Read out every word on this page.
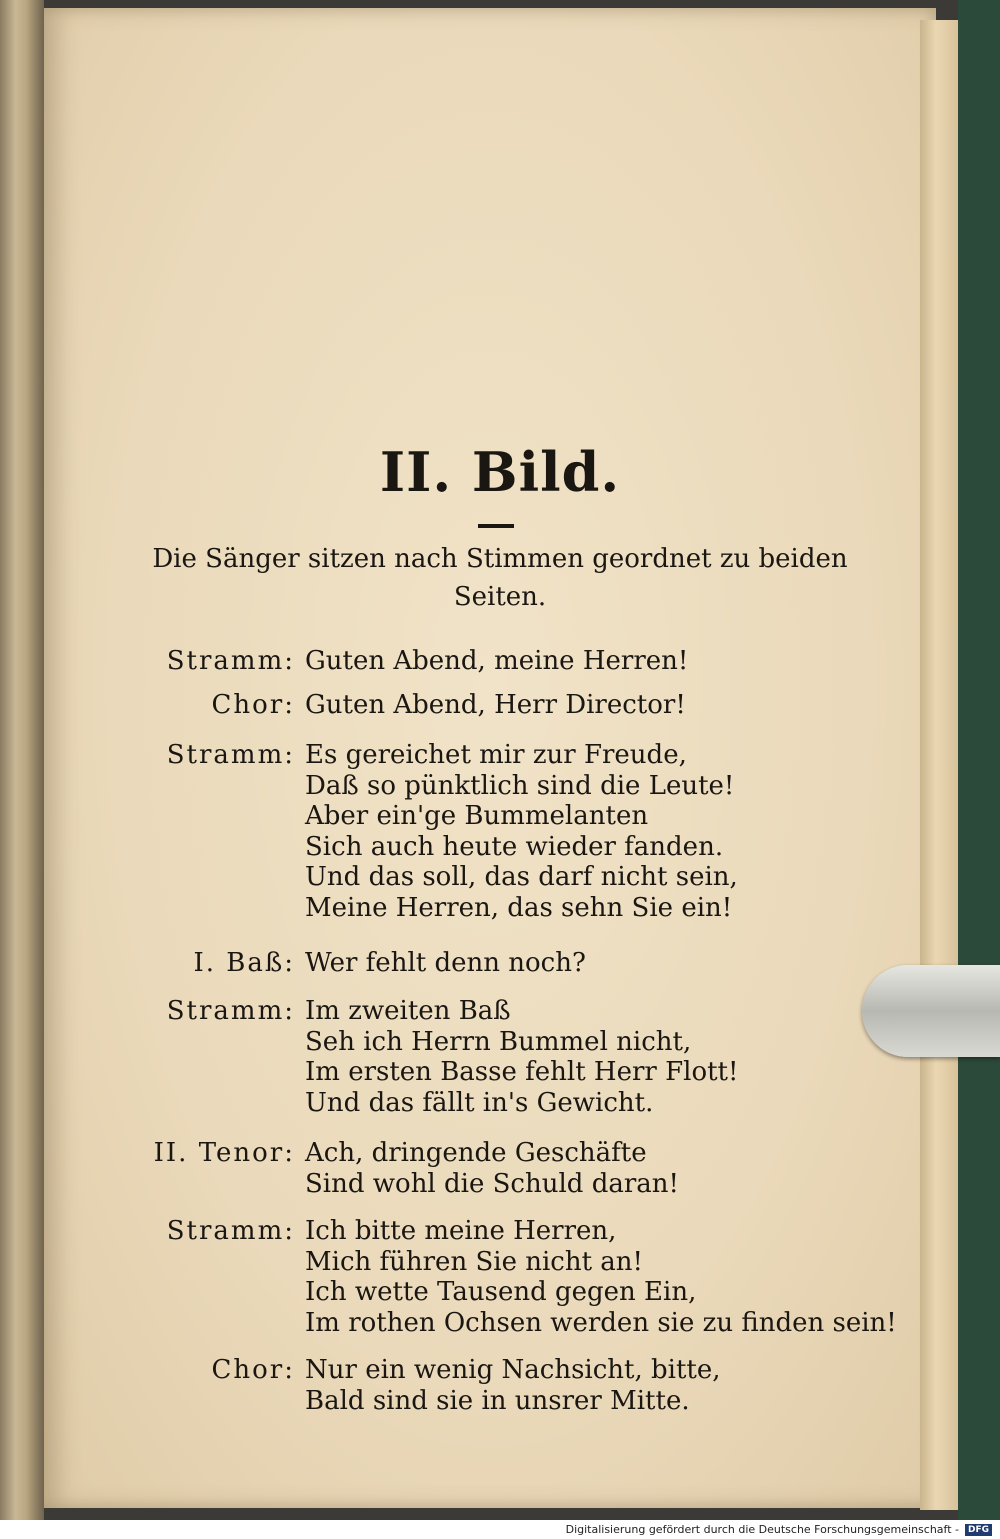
II. Bild.
Die Sänger sitzen nach Stimmen geordnet zu beiden
Seiten.
Stramm: Guten Abend, meine Herren!
Chor: Guten Abend, Herr Director!
Stramm: Es gereichet mir zur Freude,
Daß so pünktlich sind die Leute!
Aber ein'ge Bummelanten
Sich auch heute wieder fanden.
Und das soll, das darf nicht sein,
Meine Herren, das sehn Sie ein!
I. Baß: Wer fehlt denn noch?
Stramm: Im zweiten Baß
Seh ich Herrn Bummel nicht,
Im ersten Basse fehlt Herr Flott!
Und das fällt in's Gewicht.
II. Tenor: Ach, dringende Geschäfte
Sind wohl die Schuld daran!
Stramm: Ich bitte meine Herren,
Mich führen Sie nicht an!
Ich wette Tausend gegen Ein,
Im rothen Ochsen werden sie zu finden sein!
Chor: Nur ein wenig Nachsicht, bitte,
Bald sind sie in unsrer Mitte.
Digitalisierung gefördert durch die Deutsche Forschungsgemeinschaft -	DFG
